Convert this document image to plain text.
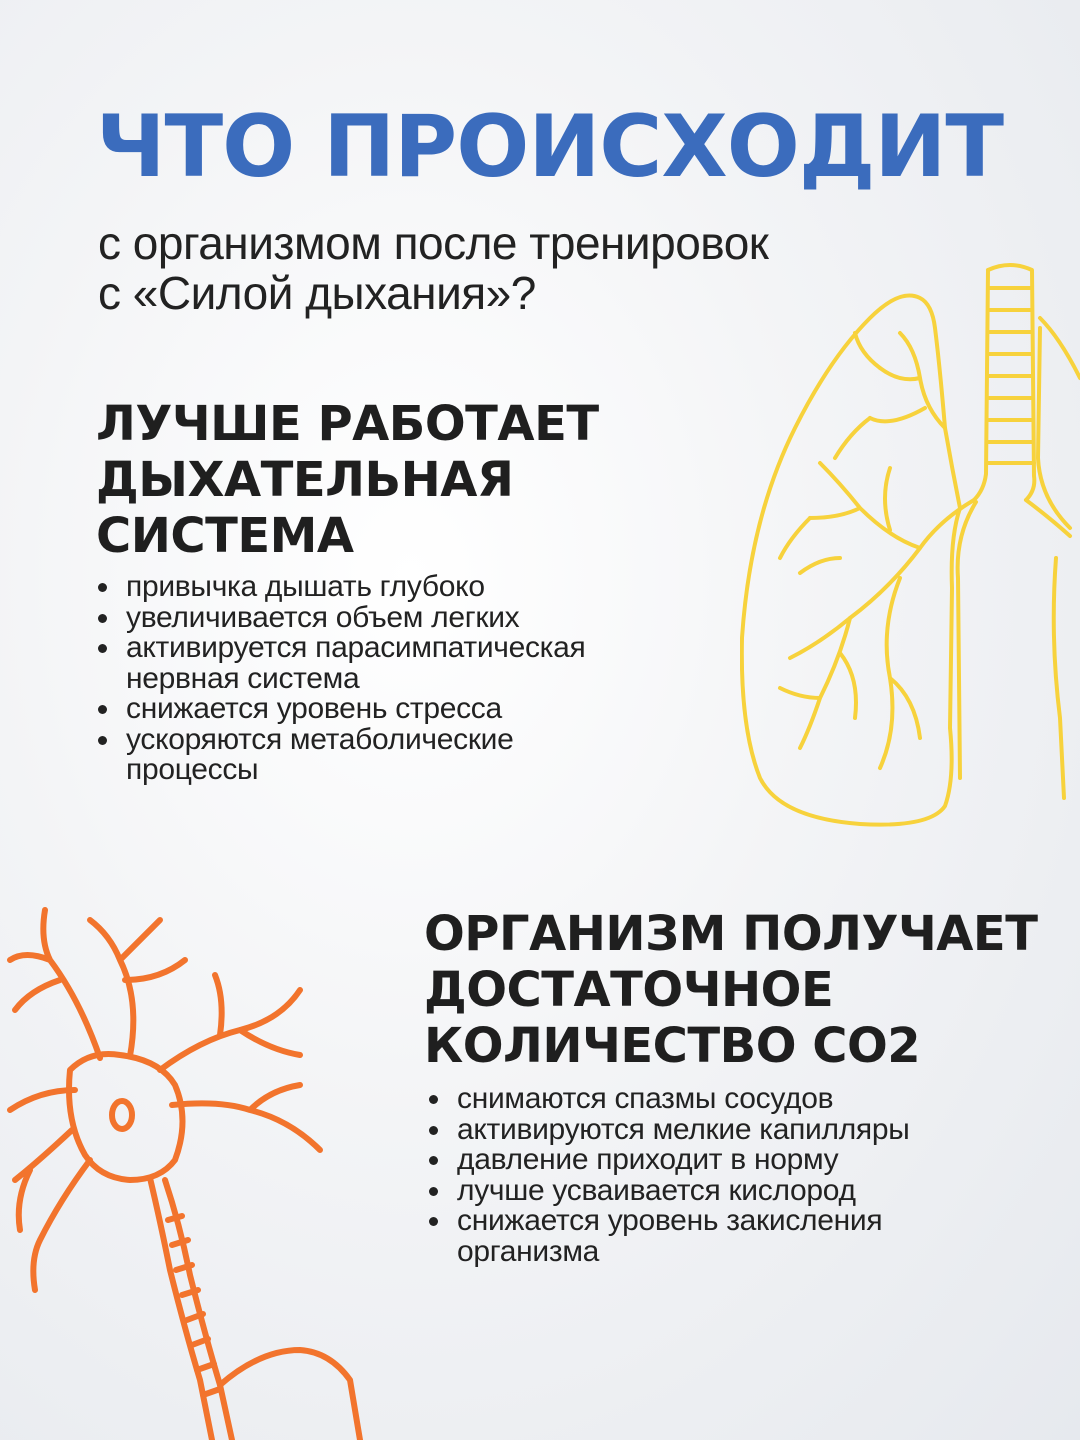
ЧТО ПРОИСХОДИТ
с организмом после тренировок
с «Силой дыхания»?
ЛУЧШЕ РАБОТАЕТ
ДЫХАТЕЛЬНАЯ
СИСТЕМА
привычка дышать глубоко
увеличивается объем легких
активируется парасимпатическая
нервная система
снижается уровень стресса
ускоряются метаболические
процессы
ОРГАНИЗМ ПОЛУЧАЕТ
ДОСТАТОЧНОЕ
КОЛИЧЕСТВО СО2
снимаются спазмы сосудов
активируются мелкие капилляры
давление приходит в норму
лучше усваивается кислород
снижается уровень закисления
организма
